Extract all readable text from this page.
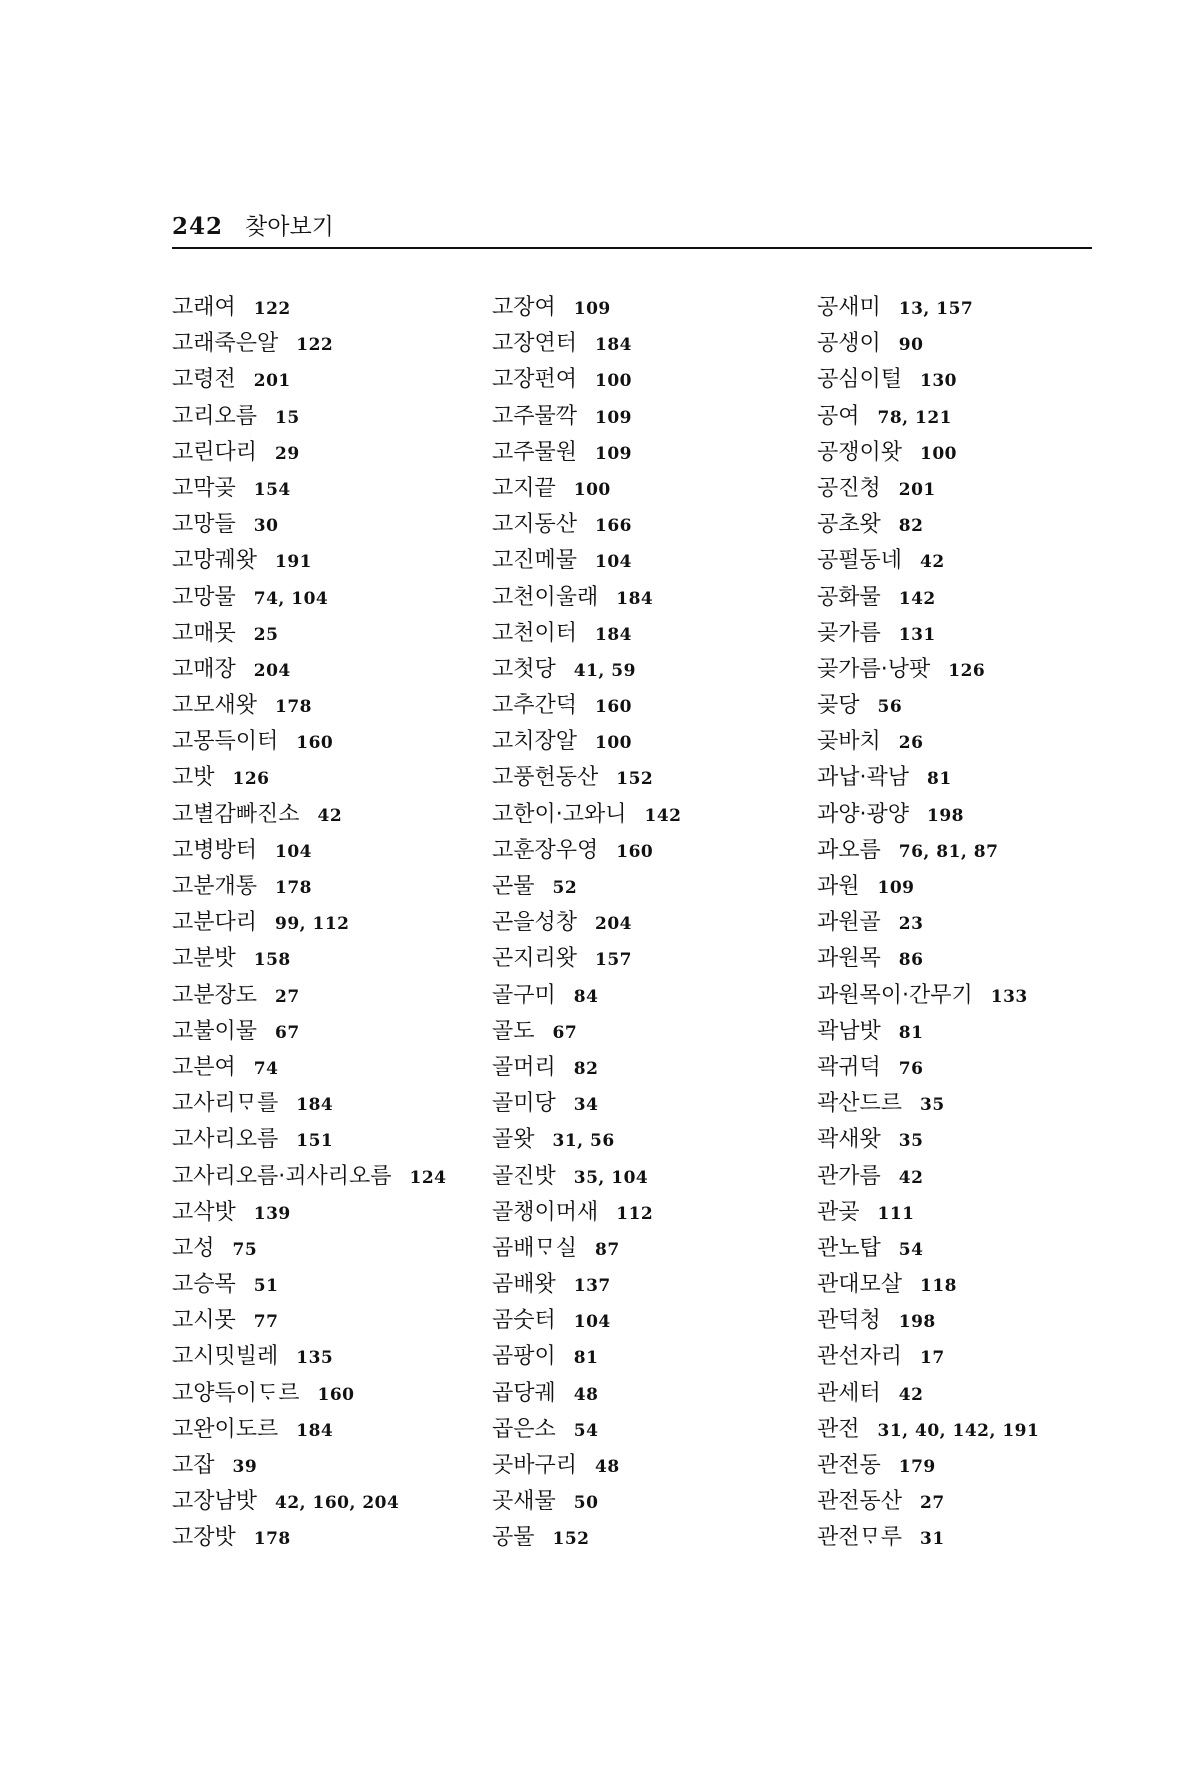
242 찾아보기
고래여 122
고래죽은알 122
고령전 201
고리오름 15
고린다리 29
고막곶 154
고망들 30
고망궤왓 191
고망물 74, 104
고매못 25
고매장 204
고모새왓 178
고몽득이터 160
고밧 126
고별감빠진소 42
고병방터 104
고분개통 178
고분다리 99, 112
고분밧 158
고분장도 27
고불이물 67
고븐여 74
고사리ᄆᆞ를 184
고사리오름 151
고사리오름·괴사리오름 124
고삭밧 139
고성 75
고승목 51
고시못 77
고시밋빌레 135
고양득이ᄃᆞ르 160
고완이도르 184
고잡 39
고장남밧 42, 160, 204
고장밧 178
고장여 109
고장연터 184
고장펀여 100
고주물깍 109
고주물원 109
고지끝 100
고지동산 166
고진메물 104
고천이울래 184
고천이터 184
고첫당 41, 59
고추간덕 160
고치장알 100
고풍헌동산 152
고한이·고와니 142
고훈장우영 160
곤물 52
곤을성창 204
곤지리왓 157
골구미 84
골도 67
골머리 82
골미당 34
골왓 31, 56
골진밧 35, 104
골챙이머새 112
곰배ᄆᆞ실 87
곰배왓 137
곰숫터 104
곰팡이 81
곱당궤 48
곱은소 54
곳바구리 48
곳새물 50
공물 152
공새미 13, 157
공생이 90
공심이털 130
공여 78, 121
공쟁이왓 100
공진청 201
공초왓 82
공펄동네 42
공화물 142
곶가름 131
곶가름·낭팟 126
곶당 56
곶바치 26
과납·곽남 81
과양·광양 198
과오름 76, 81, 87
과원 109
과원골 23
과원목 86
과원목이·간무기 133
곽남밧 81
곽귀덕 76
곽산드르 35
곽새왓 35
관가름 42
관곶 111
관노탑 54
관대모살 118
관덕청 198
관선자리 17
관세터 42
관전 31, 40, 142, 191
관전동 179
관전동산 27
관전ᄆᆞ루 31
